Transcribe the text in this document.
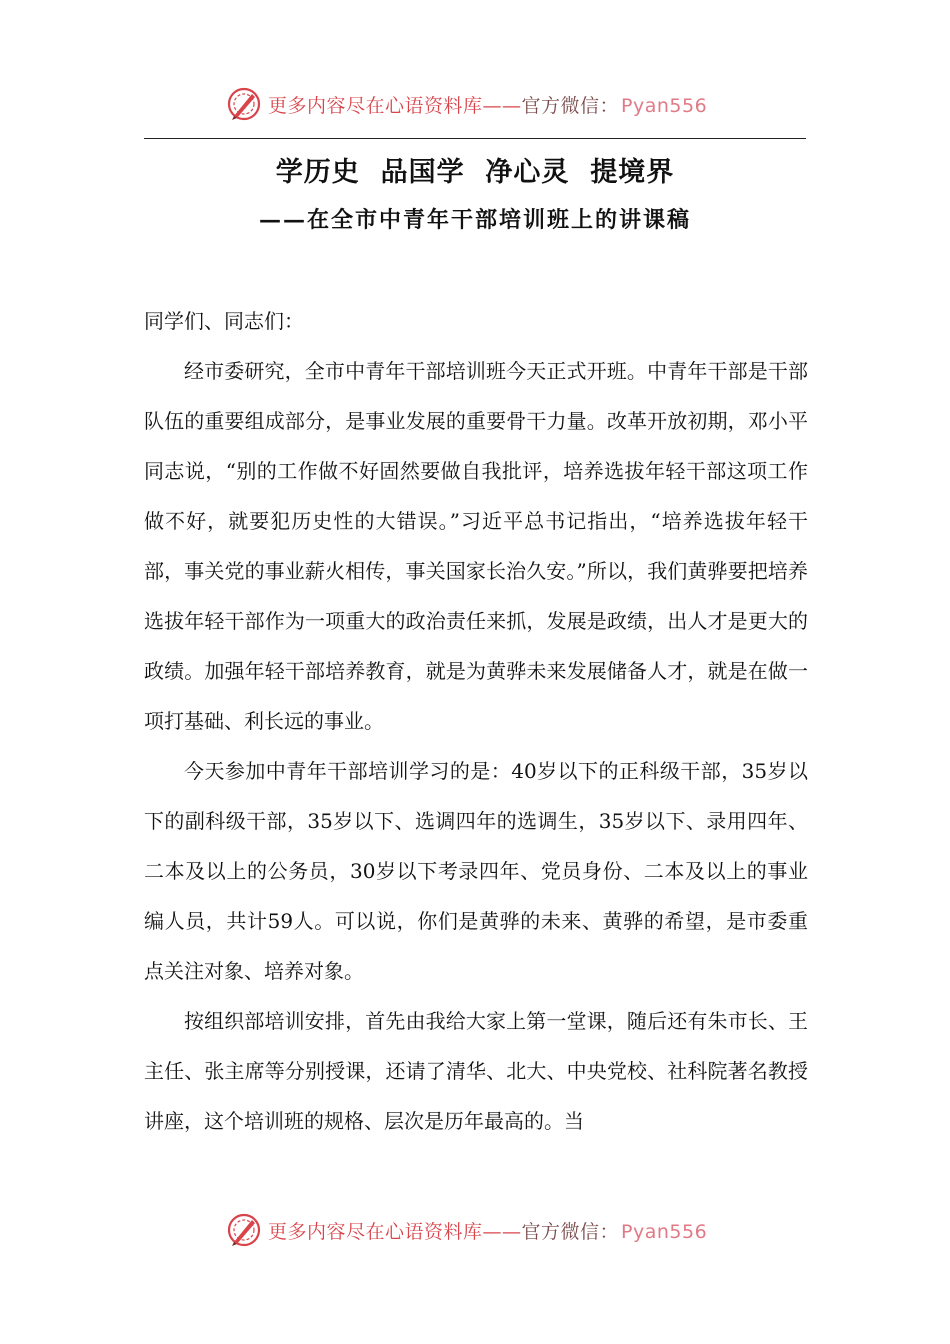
更多内容尽在心语资料库——官方微信： Pyan556
学历史  品国学  净心灵  提境界
——在全市中青年干部培训班上的讲课稿

同学们、同志们：

经市委研究，全市中青年干部培训班今天正式开班。中青年干部是干部队伍的重要组成部分，是事业发展的重要骨干力量。改革开放初期，邓小平同志说，“别的工作做不好固然要做自我批评，培养选拔年轻干部这项工作做不好，就要犯历史性的大错误。”习近平总书记指出，“培养选拔年轻干部，事关党的事业薪火相传，事关国家长治久安。”所以，我们黄骅要把培养选拔年轻干部作为一项重大的政治责任来抓，发展是政绩，出人才是更大的政绩。加强年轻干部培养教育，就是为黄骅未来发展储备人才，就是在做一项打基础、利长远的事业。

今天参加中青年干部培训学习的是：40岁以下的正科级干部，35岁以下的副科级干部，35岁以下、选调四年的选调生，35岁以下、录用四年、二本及以上的公务员，30岁以下考录四年、党员身份、二本及以上的事业编人员，共计59人。可以说，你们是黄骅的未来、黄骅的希望，是市委重点关注对象、培养对象。

按组织部培训安排，首先由我给大家上第一堂课，随后还有朱市长、王主任、张主席等分别授课，还请了清华、北大、中央党校、社科院著名教授讲座，这个培训班的规格、层次是历年最高的。当

更多内容尽在心语资料库——官方微信： Pyan556
